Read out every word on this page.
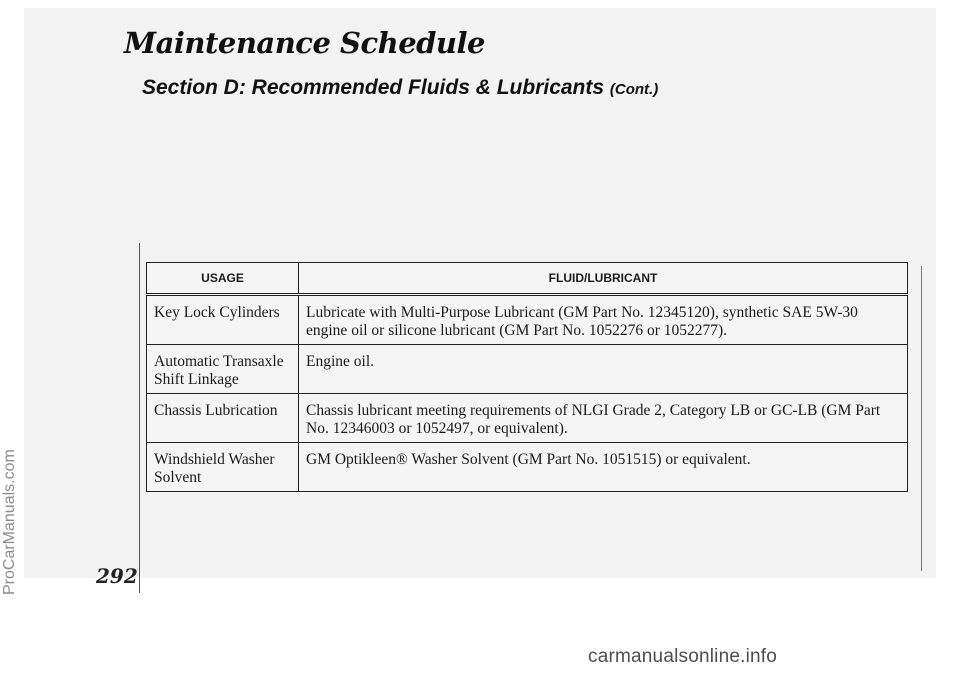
Maintenance Schedule
Section D: Recommended Fluids & Lubricants (Cont.)
USAGE	FLUID/LUBRICANT
Key Lock Cylinders	Lubricate with Multi-Purpose Lubricant (GM Part No. 12345120), synthetic SAE 5W-30 engine oil or silicone lubricant (GM Part No. 1052276 or 1052277).
Automatic Transaxle Shift Linkage	Engine oil.
Chassis Lubrication	Chassis lubricant meeting requirements of NLGI Grade 2, Category LB or GC-LB (GM Part No. 12346003 or 1052497, or equivalent).
Windshield Washer Solvent	GM Optikleen® Washer Solvent (GM Part No. 1051515) or equivalent.
292
ProCarManuals.com
carmanualsonline.info
